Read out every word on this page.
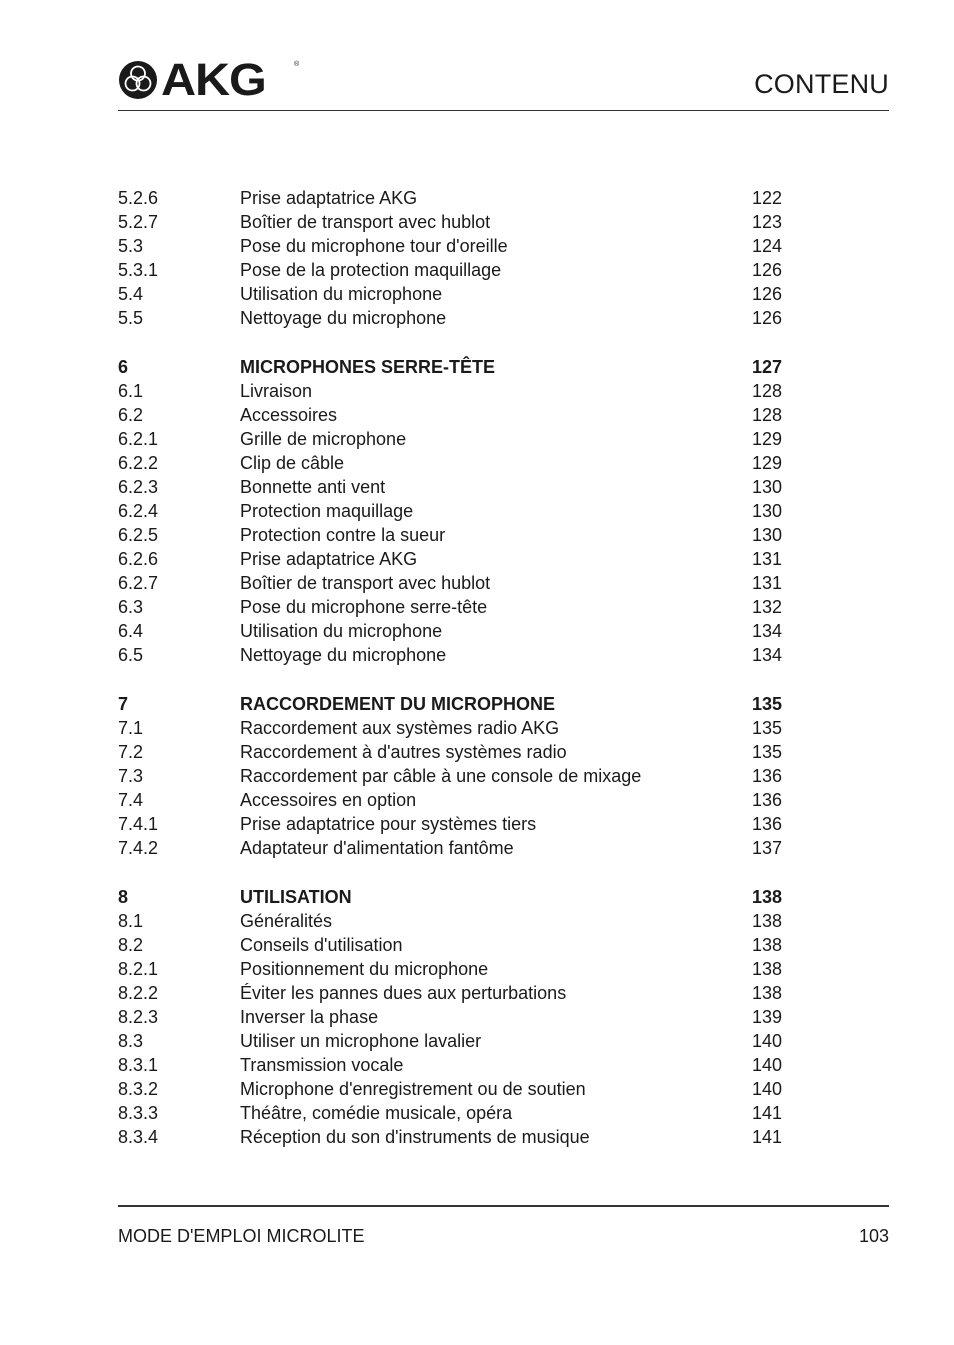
AKG	®
CONTENU
5.2.6	Prise adaptatrice AKG	122
5.2.7	Boîtier de transport avec hublot	123
5.3	Pose du microphone tour d'oreille	124
5.3.1	Pose de la protection maquillage	126
5.4	Utilisation du microphone	126
5.5	Nettoyage du microphone	126
6	MICROPHONES SERRE-TÊTE	127
6.1	Livraison	128
6.2	Accessoires	128
6.2.1	Grille de microphone	129
6.2.2	Clip de câble	129
6.2.3	Bonnette anti vent	130
6.2.4	Protection maquillage	130
6.2.5	Protection contre la sueur	130
6.2.6	Prise adaptatrice AKG	131
6.2.7	Boîtier de transport avec hublot	131
6.3	Pose du microphone serre-tête	132
6.4	Utilisation du microphone	134
6.5	Nettoyage du microphone	134
7	RACCORDEMENT DU MICROPHONE	135
7.1	Raccordement aux systèmes radio AKG	135
7.2	Raccordement à d'autres systèmes radio	135
7.3	Raccordement par câble à une console de mixage	136
7.4	Accessoires en option	136
7.4.1	Prise adaptatrice pour systèmes tiers	136
7.4.2	Adaptateur d'alimentation fantôme	137
8	UTILISATION	138
8.1	Généralités	138
8.2	Conseils d'utilisation	138
8.2.1	Positionnement du microphone	138
8.2.2	Éviter les pannes dues aux perturbations	138
8.2.3	Inverser la phase	139
8.3	Utiliser un microphone lavalier	140
8.3.1	Transmission vocale	140
8.3.2	Microphone d'enregistrement ou de soutien	140
8.3.3	Théâtre, comédie musicale, opéra	141
8.3.4	Réception du son d'instruments de musique	141
MODE D'EMPLOI MICROLITE	103
